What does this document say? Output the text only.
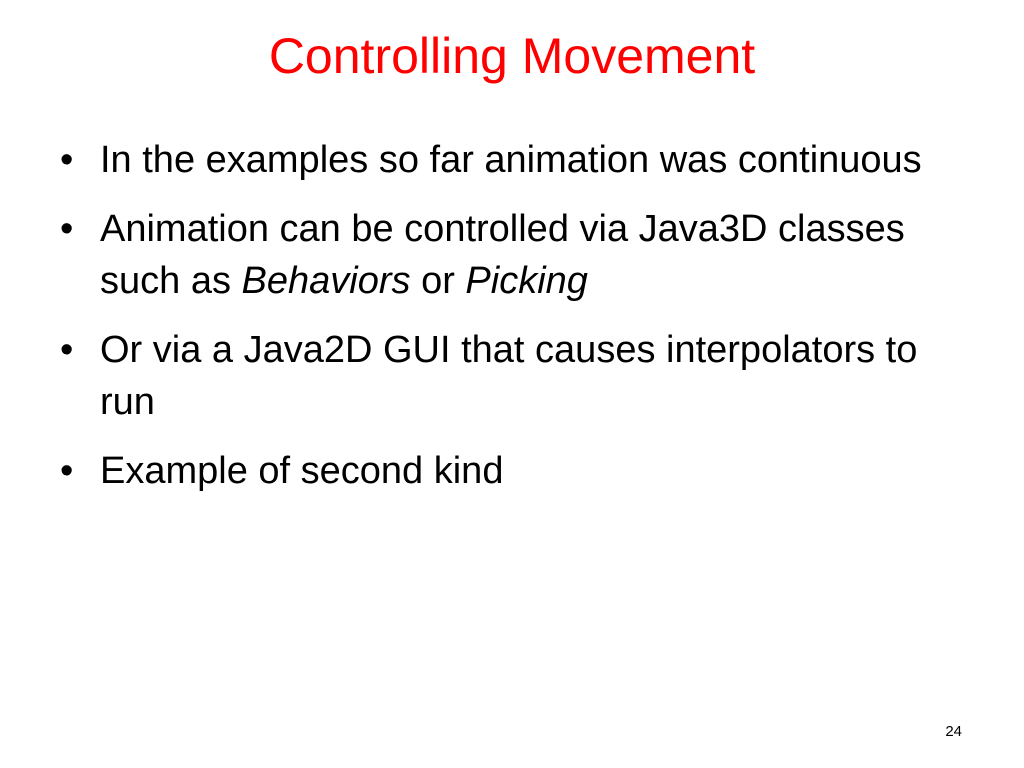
Controlling Movement
• In the examples so far animation was continuous
• Animation can be controlled via Java3D classes such as Behaviors or Picking
• Or via a Java2D GUI that causes interpolators to run
• Example of second kind
24
